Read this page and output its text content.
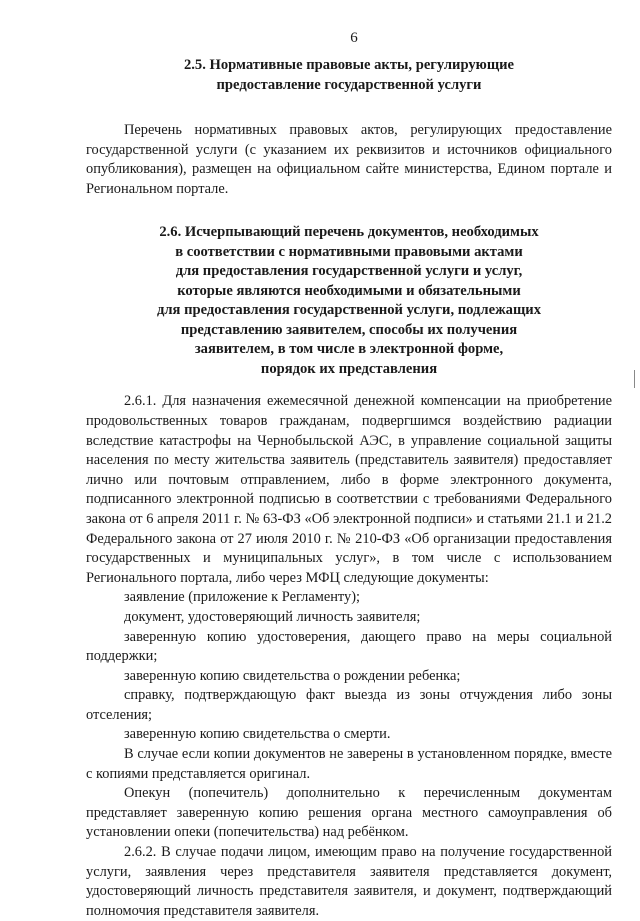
6
2.5. Нормативные правовые акты, регулирующие
предоставление государственной услуги

Перечень нормативных правовых актов, регулирующих предоставление государственной услуги (с указанием их реквизитов и источников официального опубликования), размещен на официальном сайте министерства, Едином портале и Региональном портале.

2.6. Исчерпывающий перечень документов, необходимых
в соответствии с нормативными правовыми актами
для предоставления государственной услуги и услуг,
которые являются необходимыми и обязательными
для предоставления государственной услуги, подлежащих
представлению заявителем, способы их получения
заявителем, в том числе в электронной форме,
порядок их представления

2.6.1. Для назначения ежемесячной денежной компенсации на приобретение продовольственных товаров гражданам, подвергшимся воздействию радиации вследствие катастрофы на Чернобыльской АЭС, в управление социальной защиты населения по месту жительства заявитель (представитель заявителя) предоставляет лично или почтовым отправлением, либо в форме электронного документа, подписанного электронной подписью в соответствии с требованиями Федерального закона от 6 апреля 2011 г. № 63-ФЗ «Об электронной подписи» и статьями 21.1 и 21.2 Федерального закона от 27 июля 2010 г. № 210-ФЗ «Об организации предоставления государственных и муниципальных услуг», в том числе с использованием Регионального портала, либо через МФЦ следующие документы:

заявление (приложение к Регламенту);

документ, удостоверяющий личность заявителя;

заверенную копию удостоверения, дающего право на меры социальной поддержки;

заверенную копию свидетельства о рождении ребенка;

справку, подтверждающую факт выезда из зоны отчуждения либо зоны отселения;

заверенную копию свидетельства о смерти.

В случае если копии документов не заверены в установленном порядке, вместе с копиями представляется оригинал.

Опекун (попечитель) дополнительно к перечисленным документам представляет заверенную копию решения органа местного самоуправления об установлении опеки (попечительства) над ребёнком.

2.6.2. В случае подачи лицом, имеющим право на получение государственной услуги, заявления через представителя заявителя представляется документ, удостоверяющий личность представителя заявителя, и документ, подтверждающий полномочия представителя заявителя.
